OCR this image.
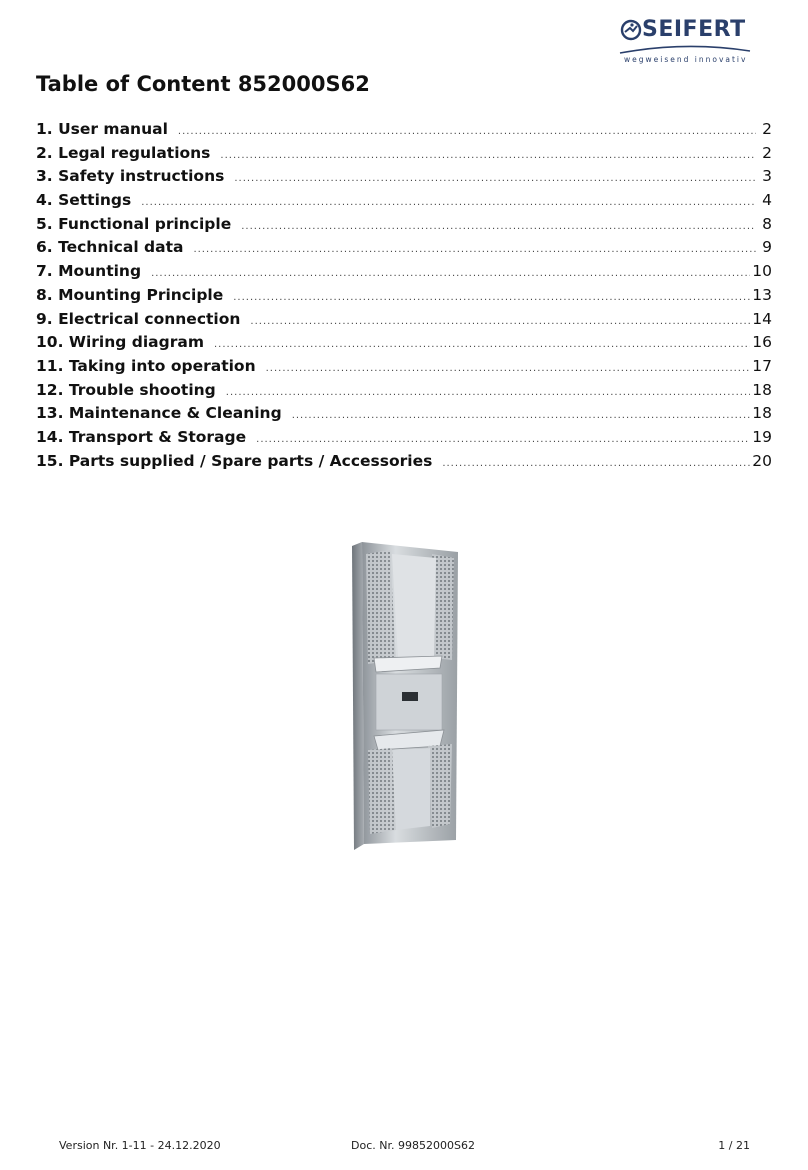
SEIFERT
wegweisend innovativ
Table of Content 852000S62
1. User manual .....	2
2. Legal regulations .....	2
3. Safety instructions .....	3
4. Settings .....	4
5. Functional principle .....	8
6. Technical data .....	9
7. Mounting .....	10
8. Mounting Principle .....	13
9. Electrical connection .....	14
10. Wiring diagram .....	16
11. Taking into operation .....	17
12. Trouble shooting .....	18
13. Maintenance & Cleaning .....	18
14. Transport & Storage .....	19
15. Parts supplied / Spare parts / Accessories .....	20
Version Nr. 1-11 - 24.12.2020	Doc. Nr. 99852000S62	1 / 21
